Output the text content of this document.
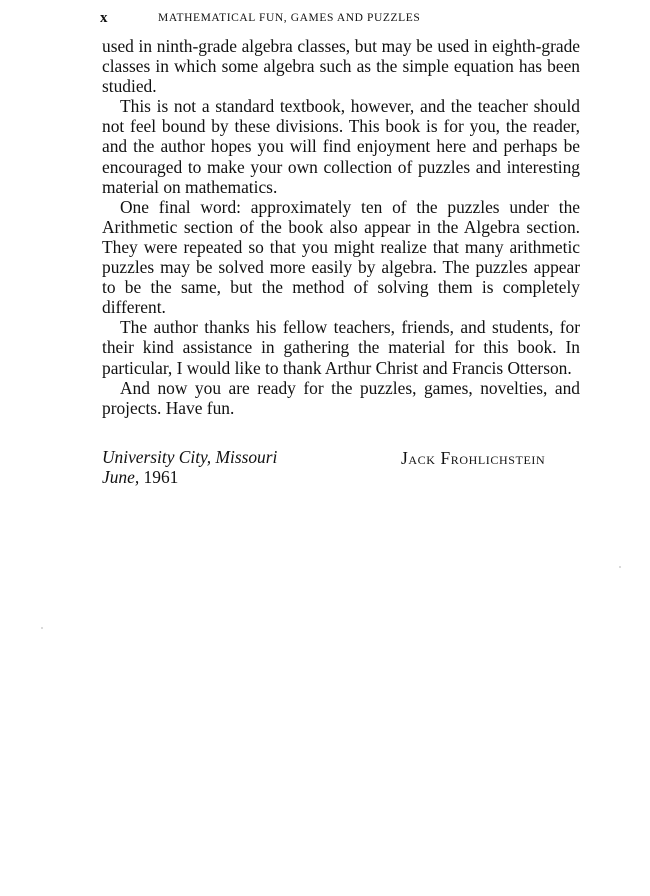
x	MATHEMATICAL FUN, GAMES AND PUZZLES

used in ninth-grade algebra classes, but may be used in eighth-grade classes in which some algebra such as the simple equation has been studied.

This is not a standard textbook, however, and the teacher should not feel bound by these divisions. This book is for you, the reader, and the author hopes you will find enjoyment here and perhaps be encouraged to make your own collection of puzzles and interesting material on mathematics.

One final word: approximately ten of the puzzles under the Arithmetic section of the book also appear in the Algebra section. They were repeated so that you might realize that many arithmetic puzzles may be solved more easily by algebra. The puzzles appear to be the same, but the method of solving them is completely different.

The author thanks his fellow teachers, friends, and students, for their kind assistance in gathering the material for this book. In particular, I would like to thank Arthur Christ and Francis Otterson.

And now you are ready for the puzzles, games, novelties, and projects. Have fun.

University City, Missouri
June, 1961
Jack Frohlichstein
